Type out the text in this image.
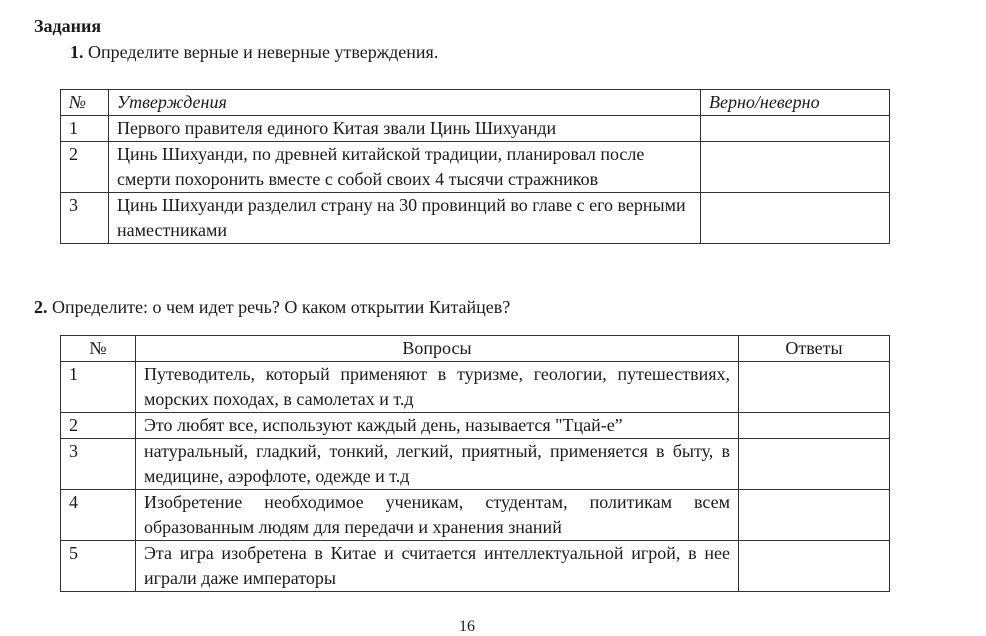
Задания
1. Определите верные и неверные утверждения.
№	Утверждения	Верно/неверно
1	Первого правителя единого Китая звали Цинь Шихуанди	
2	Цинь Шихуанди, по древней китайской традиции, планировал после смерти похоронить вместе с собой своих 4 тысячи стражников	
3	Цинь Шихуанди разделил страну на 30 провинций во главе с его верными наместниками	
2. Определите: о чем идет речь? О каком открытии Китайцев?
№	Вопросы	Ответы
1	Путеводитель, который применяют в туризме, геологии, путешествиях, морских походах, в самолетах и т.д	
2	Это любят все, используют каждый день, называется "Тцай-е”	
3	натуральный, гладкий, тонкий, легкий, приятный, применяется в быту, в медицине, аэрофлоте, одежде и т.д	
4	Изобретение необходимое ученикам, студентам, политикам всем образованным людям для передачи и хранения знаний	
5	Эта игра изобретена в Китае и считается интеллектуальной игрой, в нее играли даже императоры	
16
